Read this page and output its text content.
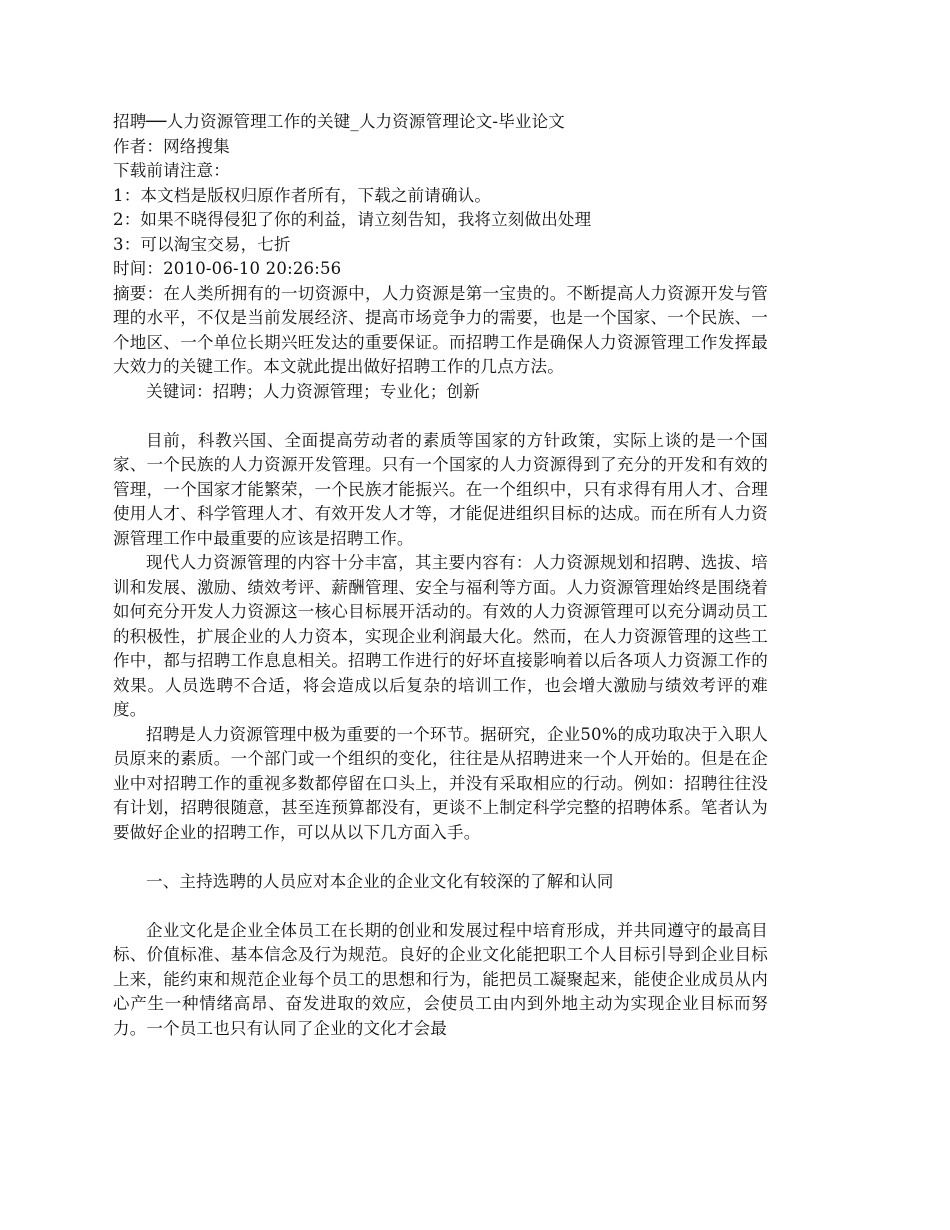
招聘──人力资源管理工作的关键_人力资源管理论文-毕业论文
作者：网络搜集
下载前请注意：
1：本文档是版权归原作者所有，下载之前请确认。
2：如果不晓得侵犯了你的利益，请立刻告知，我将立刻做出处理
3：可以淘宝交易，七折
时间：2010-06-10 20:26:56

摘要：在人类所拥有的一切资源中，人力资源是第一宝贵的。不断提高人力资源开发与管理的水平，不仅是当前发展经济、提高市场竞争力的需要，也是一个国家、一个民族、一个地区、一个单位长期兴旺发达的重要保证。而招聘工作是确保人力资源管理工作发挥最大效力的关键工作。本文就此提出做好招聘工作的几点方法。

关键词：招聘；人力资源管理；专业化；创新

目前，科教兴国、全面提高劳动者的素质等国家的方针政策，实际上谈的是一个国家、一个民族的人力资源开发管理。只有一个国家的人力资源得到了充分的开发和有效的管理，一个国家才能繁荣，一个民族才能振兴。在一个组织中，只有求得有用人才、合理使用人才、科学管理人才、有效开发人才等，才能促进组织目标的达成。而在所有人力资源管理工作中最重要的应该是招聘工作。

现代人力资源管理的内容十分丰富，其主要内容有：人力资源规划和招聘、选拔、培训和发展、激励、绩效考评、薪酬管理、安全与福利等方面。人力资源管理始终是围绕着如何充分开发人力资源这一核心目标展开活动的。有效的人力资源管理可以充分调动员工的积极性，扩展企业的人力资本，实现企业利润最大化。然而，在人力资源管理的这些工作中，都与招聘工作息息相关。招聘工作进行的好坏直接影响着以后各项人力资源工作的效果。人员选聘不合适，将会造成以后复杂的培训工作，也会增大激励与绩效考评的难度。

招聘是人力资源管理中极为重要的一个环节。据研究，企业50%的成功取决于入职人员原来的素质。一个部门或一个组织的变化，往往是从招聘进来一个人开始的。但是在企业中对招聘工作的重视多数都停留在口头上，并没有采取相应的行动。例如：招聘往往没有计划，招聘很随意，甚至连预算都没有，更谈不上制定科学完整的招聘体系。笔者认为要做好企业的招聘工作，可以从以下几方面入手。

一、主持选聘的人员应对本企业的企业文化有较深的了解和认同

企业文化是企业全体员工在长期的创业和发展过程中培育形成，并共同遵守的最高目标、价值标准、基本信念及行为规范。良好的企业文化能把职工个人目标引导到企业目标上来，能约束和规范企业每个员工的思想和行为，能把员工凝聚起来，能使企业成员从内心产生一种情绪高昂、奋发进取的效应，会使员工由内到外地主动为实现企业目标而努力。一个员工也只有认同了企业的文化才会最
